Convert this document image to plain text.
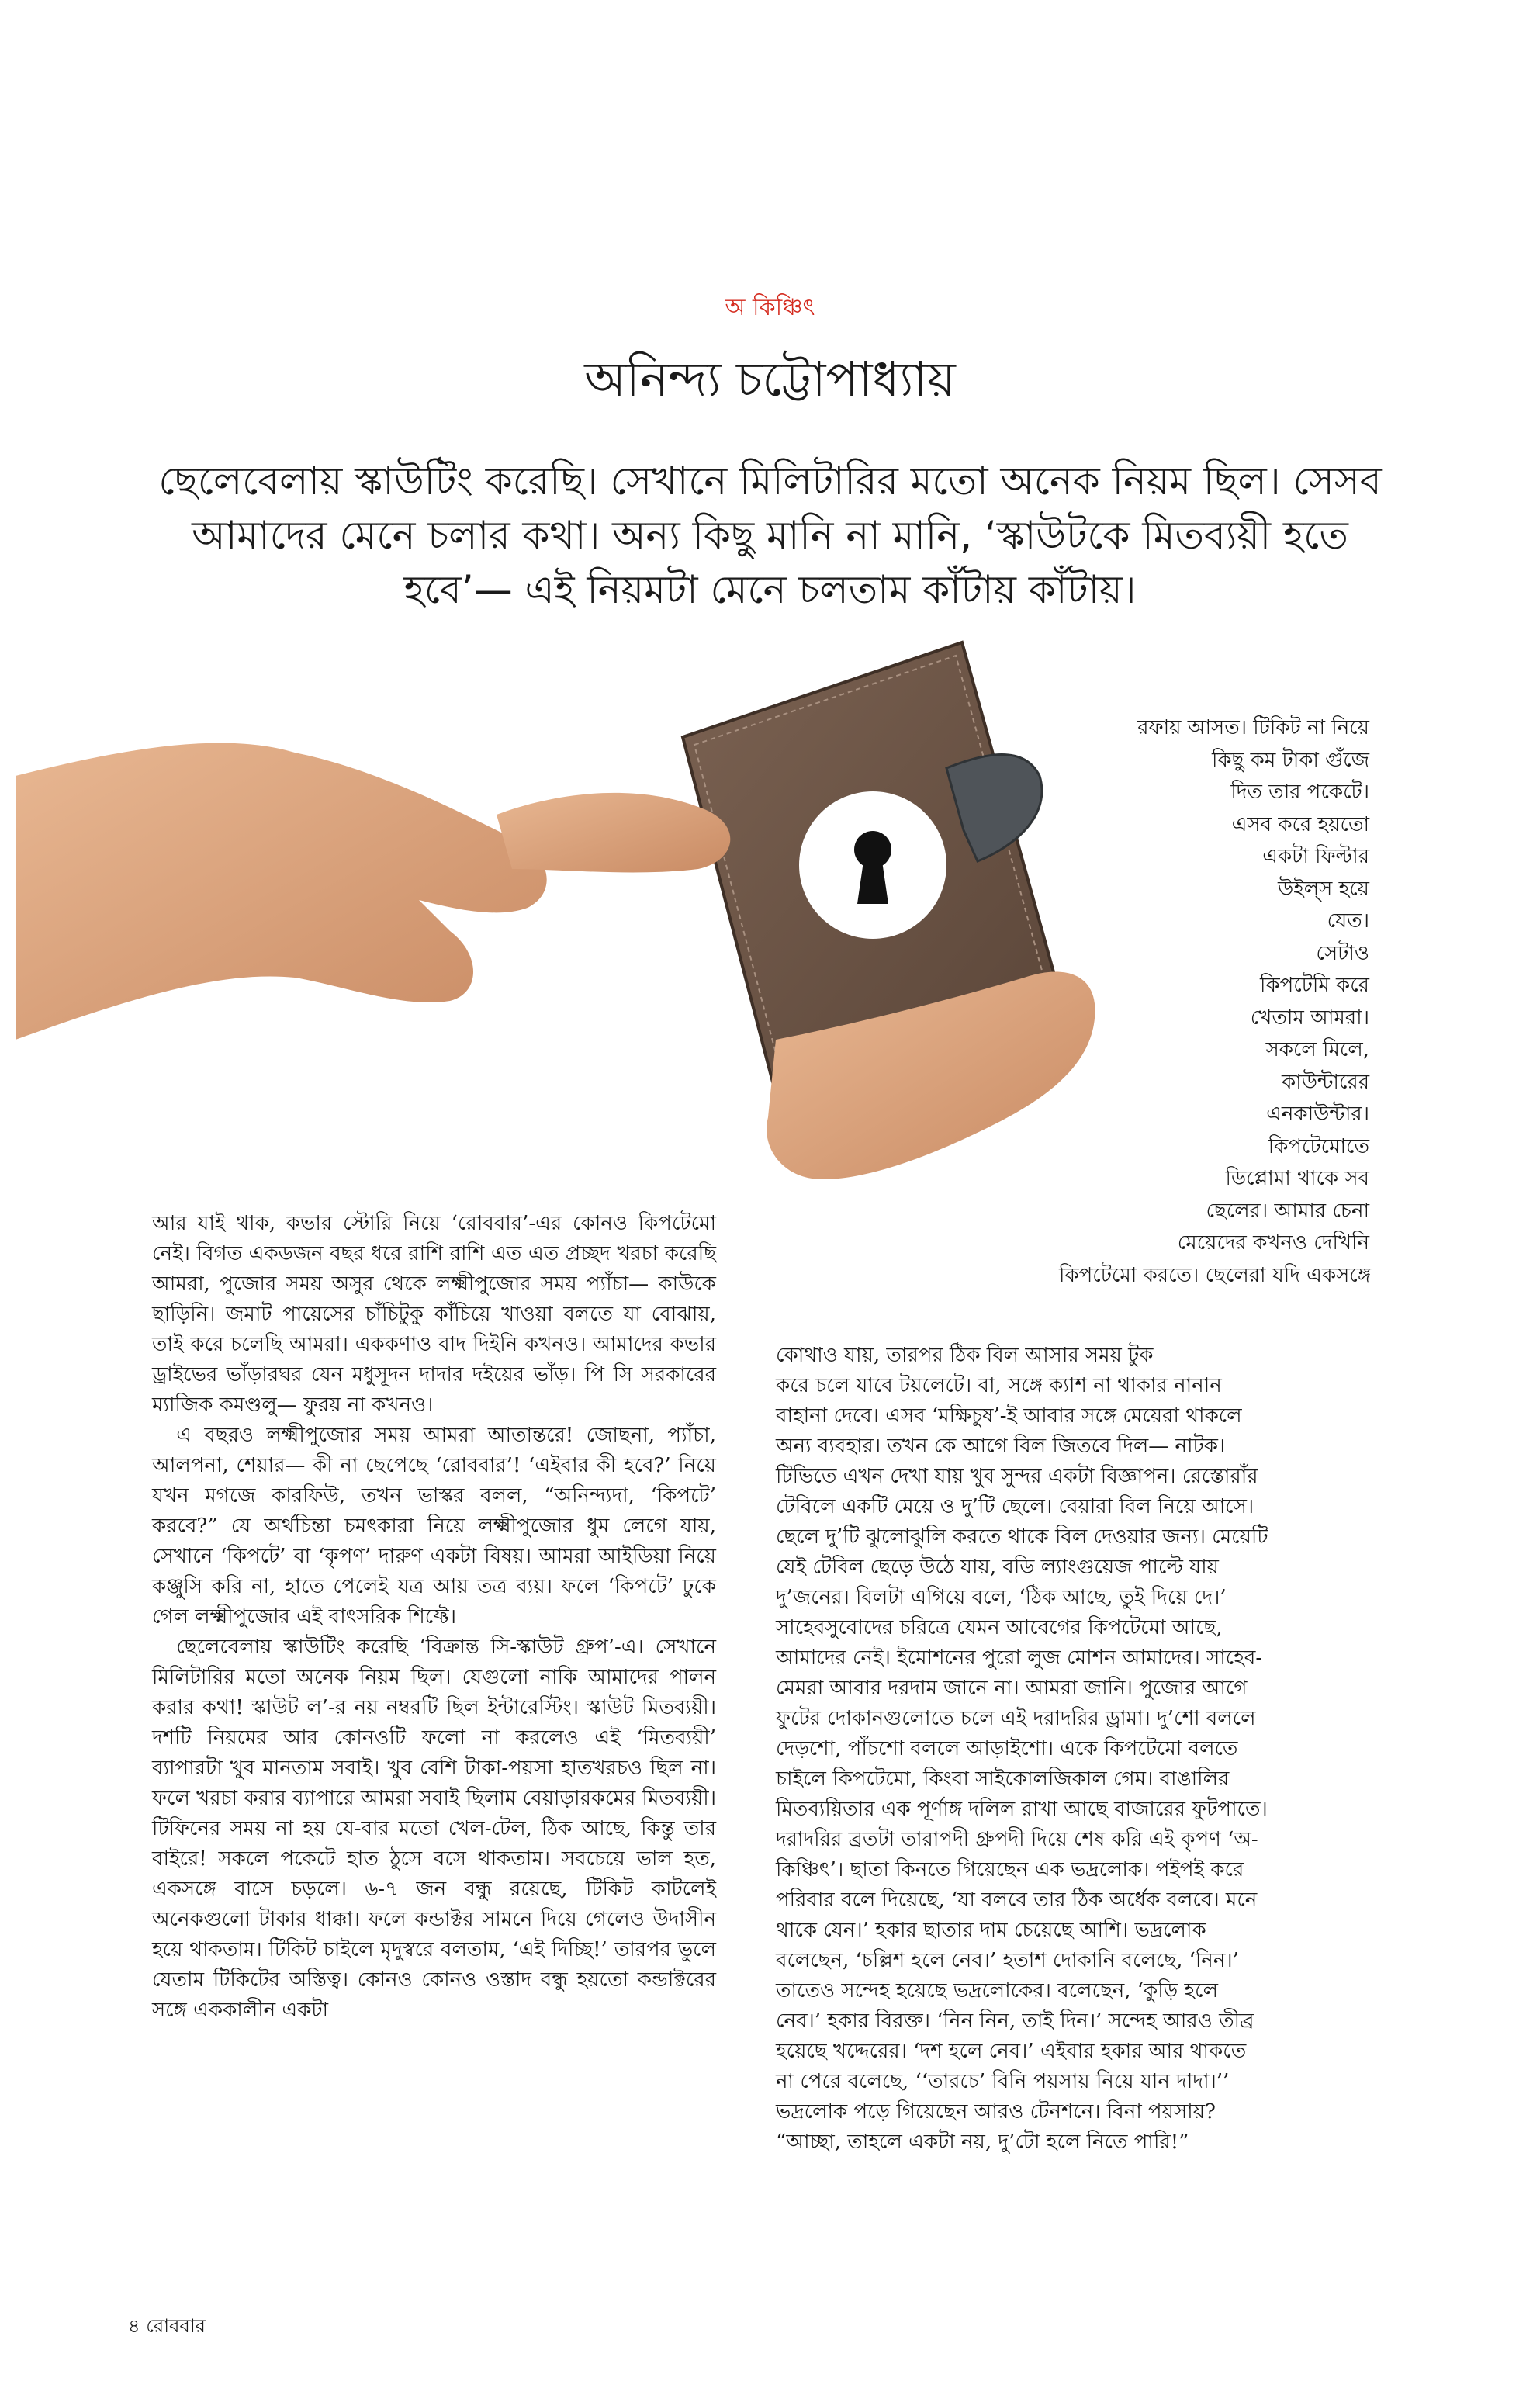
অ কিঞ্চিৎ
অনিন্দ্য চট্টোপাধ্যায়
ছেলেবেলায় স্কাউটিং করেছি। সেখানে মিলিটারির মতো অনেক নিয়ম ছিল। সেসব আমাদের মেনে চলার কথা। অন্য কিছু মানি না মানি, ‘স্কাউটকে মিতব্যয়ী হতে হবে’— এই নিয়মটা মেনে চলতাম কাঁটায় কাঁটায়।
রফায় আসত। টিকিট না নিয়ে
কিছু কম টাকা গুঁজে
দিত তার পকেটে।
এসব করে হয়তো
একটা ফিল্টার
উইল্স হয়ে
যেত।
সেটাও
কিপটেমি করে
খেতাম আমরা।
সকলে মিলে,
কাউন্টারের
এনকাউন্টার।
কিপটেমোতে
ডিপ্লোমা থাকে সব
ছেলের। আমার চেনা
মেয়েদের কখনও দেখিনি
কিপটেমো করতে। ছেলেরা যদি একসঙ্গে

আর যাই থাক, কভার স্টোরি নিয়ে ‘রোববার’-এর কোনও কিপটেমো নেই। বিগত একডজন বছর ধরে রাশি রাশি এত এত প্রচ্ছদ খরচা করেছি আমরা, পুজোর সময় অসুর থেকে লক্ষ্মীপুজোর সময় প্যাঁচা— কাউকে ছাড়িনি। জমাট পায়েসের চাঁচিটুকু কাঁচিয়ে খাওয়া বলতে যা বোঝায়, তাই করে চলেছি আমরা। এককণাও বাদ দিইনি কখনও। আমাদের কভার ড্রাইভের ভাঁড়ারঘর যেন মধুসূদন দাদার দইয়ের ভাঁড়। পি সি সরকারের ম্যাজিক কমণ্ডলু— ফুরয় না কখনও।

এ বছরও লক্ষ্মীপুজোর সময় আমরা আতান্তরে! জোছনা, প্যাঁচা, আলপনা, শেয়ার— কী না ছেপেছে ‘রোববার’! ‘এইবার কী হবে?’ নিয়ে যখন মগজে কারফিউ, তখন ভাস্কর বলল, “অনিন্দ্যদা, ‘কিপটে’ করবে?” যে অর্থচিন্তা চমৎকারা নিয়ে লক্ষ্মীপুজোর ধুম লেগে যায়, সেখানে ‘কিপটে’ বা ‘কৃপণ’ দারুণ একটা বিষয়। আমরা আইডিয়া নিয়ে কঞ্জুসি করি না, হাতে পেলেই যত্র আয় তত্র ব্যয়। ফলে ‘কিপটে’ ঢুকে গেল লক্ষ্মীপুজোর এই বাৎসরিক শিফ্টে।

ছেলেবেলায় স্কাউটিং করেছি ‘বিক্রান্ত সি-স্কাউট গ্রুপ’-এ। সেখানে মিলিটারির মতো অনেক নিয়ম ছিল। যেগুলো নাকি আমাদের পালন করার কথা! স্কাউট ল’-র নয় নম্বরটি ছিল ইন্টারেস্টিং। স্কাউট মিতব্যয়ী। দশটি নিয়মের আর কোনওটি ফলো না করলেও এই ‘মিতব্যয়ী’ ব্যাপারটা খুব মানতাম সবাই। খুব বেশি টাকা-পয়সা হাতখরচও ছিল না। ফলে খরচা করার ব্যাপারে আমরা সবাই ছিলাম বেয়াড়ারকমের মিতব্যয়ী। টিফিনের সময় না হয় যে-বার মতো খেল-টেল, ঠিক আছে, কিন্তু তার বাইরে! সকলে পকেটে হাত ঠুসে বসে থাকতাম। সবচেয়ে ভাল হত, একসঙ্গে বাসে চড়লে। ৬-৭ জন বন্ধু রয়েছে, টিকিট কাটলেই অনেকগুলো টাকার ধাক্কা। ফলে কন্ডাক্টর সামনে দিয়ে গেলেও উদাসীন হয়ে থাকতাম। টিকিট চাইলে মৃদুস্বরে বলতাম, ‘এই দিচ্ছি!’ তারপর ভুলে যেতাম টিকিটের অস্তিত্ব। কোনও কোনও ওস্তাদ বন্ধু হয়তো কন্ডাক্টরের সঙ্গে এককালীন একটা

কোথাও যায়, তারপর ঠিক বিল আসার সময় টুক
করে চলে যাবে টয়লেটে। বা, সঙ্গে ক্যাশ না থাকার নানান
বাহানা দেবে। এসব ‘মক্ষিচুষ’-ই আবার সঙ্গে মেয়েরা থাকলে
অন্য ব্যবহার। তখন কে আগে বিল জিতবে দিল— নাটক।
টিভিতে এখন দেখা যায় খুব সুন্দর একটা বিজ্ঞাপন। রেস্তোরাঁর
টেবিলে একটি মেয়ে ও দু’টি ছেলে। বেয়ারা বিল নিয়ে আসে।
ছেলে দু’টি ঝুলোঝুলি করতে থাকে বিল দেওয়ার জন্য। মেয়েটি
যেই টেবিল ছেড়ে উঠে যায়, বডি ল্যাংগুয়েজ পাল্টে যায়
দু’জনের। বিলটা এগিয়ে বলে, ‘ঠিক আছে, তুই দিয়ে দে।’
সাহেবসুবোদের চরিত্রে যেমন আবেগের কিপটেমো আছে,
আমাদের নেই। ইমোশনের পুরো লুজ মোশন আমাদের। সাহেব-
মেমরা আবার দরদাম জানে না। আমরা জানি। পুজোর আগে
ফুটের দোকানগুলোতে চলে এই দরাদরির ড্রামা। দু’শো বললে
দেড়শো, পাঁচশো বললে আড়াইশো। একে কিপটেমো বলতে
চাইলে কিপটেমো, কিংবা সাইকোলজিকাল গেম। বাঙালির
মিতব্যয়িতার এক পূর্ণাঙ্গ দলিল রাখা আছে বাজারের ফুটপাতে।
দরাদরির ব্রতটা তারাপদী গ্রুপদী দিয়ে শেষ করি এই কৃপণ ‘অ-
কিঞ্চিৎ’। ছাতা কিনতে গিয়েছেন এক ভদ্রলোক। পইপই করে
পরিবার বলে দিয়েছে, ‘যা বলবে তার ঠিক অর্ধেক বলবে। মনে
থাকে যেন।’ হকার ছাতার দাম চেয়েছে আশি। ভদ্রলোক
বলেছেন, ‘চল্লিশ হলে নেব।’ হতাশ দোকানি বলেছে, ‘নিন।’
তাতেও সন্দেহ হয়েছে ভদ্রলোকের। বলেছেন, ‘কুড়ি হলে
নেব।’ হকার বিরক্ত। ‘নিন নিন, তাই দিন।’ সন্দেহ আরও তীব্র
হয়েছে খদ্দেরের। ‘দশ হলে নেব।’ এইবার হকার আর থাকতে
না পেরে বলেছে, ‘‘তারচে’ বিনি পয়সায় নিয়ে যান দাদা।’’
ভদ্রলোক পড়ে গিয়েছেন আরও টেনশনে। বিনা পয়সায়?
“আচ্ছা, তাহলে একটা নয়, দু’টো হলে নিতে পারি!”
৪ রোববার
